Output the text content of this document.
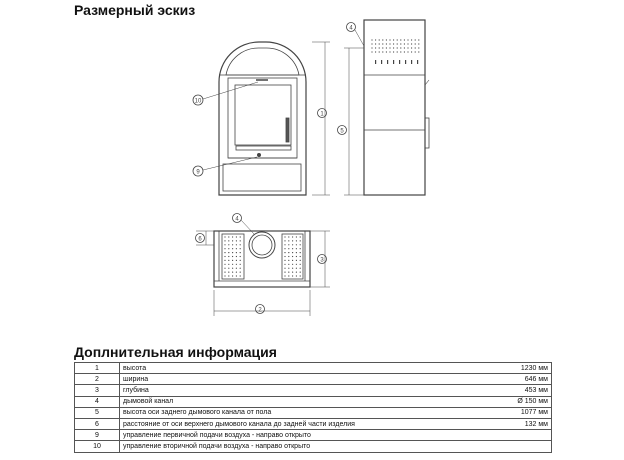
Размерный эскиз
1
10
9
5
4
3
2
6
4
Доплнительная информация
1	высота	1230 мм
2	ширина	646 мм
3	глубина	453 мм
4	дымовой канал	Ø 150 мм
5	высота оси заднего дымового канала от пола	1077 мм
6	расстояние от оси верхнего дымового канала до задней части изделия	132 мм
9	управление первичной подачи воздуха - направо открыто	
10	управление вторичной подачи воздуха - направо открыто	
